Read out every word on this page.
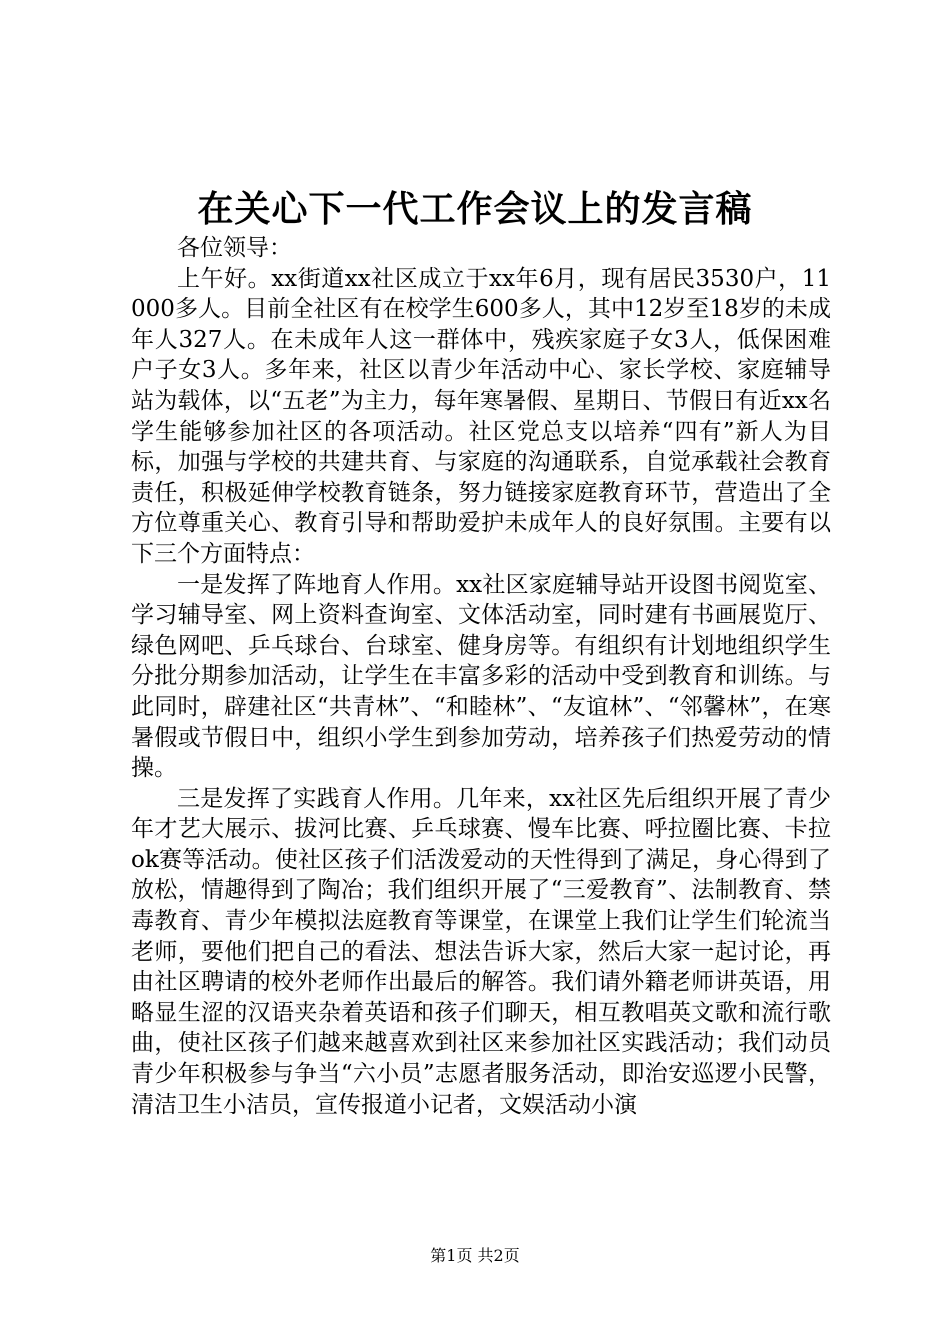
在关心下一代工作会议上的发言稿

各位领导：

上午好。xx街道xx社区成立于xx年6月，现有居民3530户，11000多人。目前全社区有在校学生600多人，其中12岁至18岁的未成年人327人。在未成年人这一群体中，残疾家庭子女3人，低保困难户子女3人。多年来，社区以青少年活动中心、家长学校、家庭辅导站为载体，以“五老”为主力，每年寒暑假、星期日、节假日有近xx名学生能够参加社区的各项活动。社区党总支以培养“四有”新人为目标，加强与学校的共建共育、与家庭的沟通联系，自觉承载社会教育责任，积极延伸学校教育链条，努力链接家庭教育环节，营造出了全方位尊重关心、教育引导和帮助爱护未成年人的良好氛围。主要有以下三个方面特点：

一是发挥了阵地育人作用。xx社区家庭辅导站开设图书阅览室、学习辅导室、网上资料查询室、文体活动室，同时建有书画展览厅、绿色网吧、乒乓球台、台球室、健身房等。有组织有计划地组织学生分批分期参加活动，让学生在丰富多彩的活动中受到教育和训练。与此同时，辟建社区“共青林”、“和睦林”、“友谊林”、“邻馨林”，在寒暑假或节假日中，组织小学生到参加劳动，培养孩子们热爱劳动的情操。

三是发挥了实践育人作用。几年来，xx社区先后组织开展了青少年才艺大展示、拔河比赛、乒乓球赛、慢车比赛、呼拉圈比赛、卡拉ok赛等活动。使社区孩子们活泼爱动的天性得到了满足，身心得到了放松，情趣得到了陶冶；我们组织开展了“三爱教育”、法制教育、禁毒教育、青少年模拟法庭教育等课堂，在课堂上我们让学生们轮流当老师，要他们把自己的看法、想法告诉大家，然后大家一起讨论，再由社区聘请的校外老师作出最后的解答。我们请外籍老师讲英语，用略显生涩的汉语夹杂着英语和孩子们聊天，相互教唱英文歌和流行歌曲，使社区孩子们越来越喜欢到社区来参加社区实践活动；我们动员青少年积极参与争当“六小员”志愿者服务活动，即治安巡逻小民警，清洁卫生小洁员，宣传报道小记者，文娱活动小演

第1页 共2页
